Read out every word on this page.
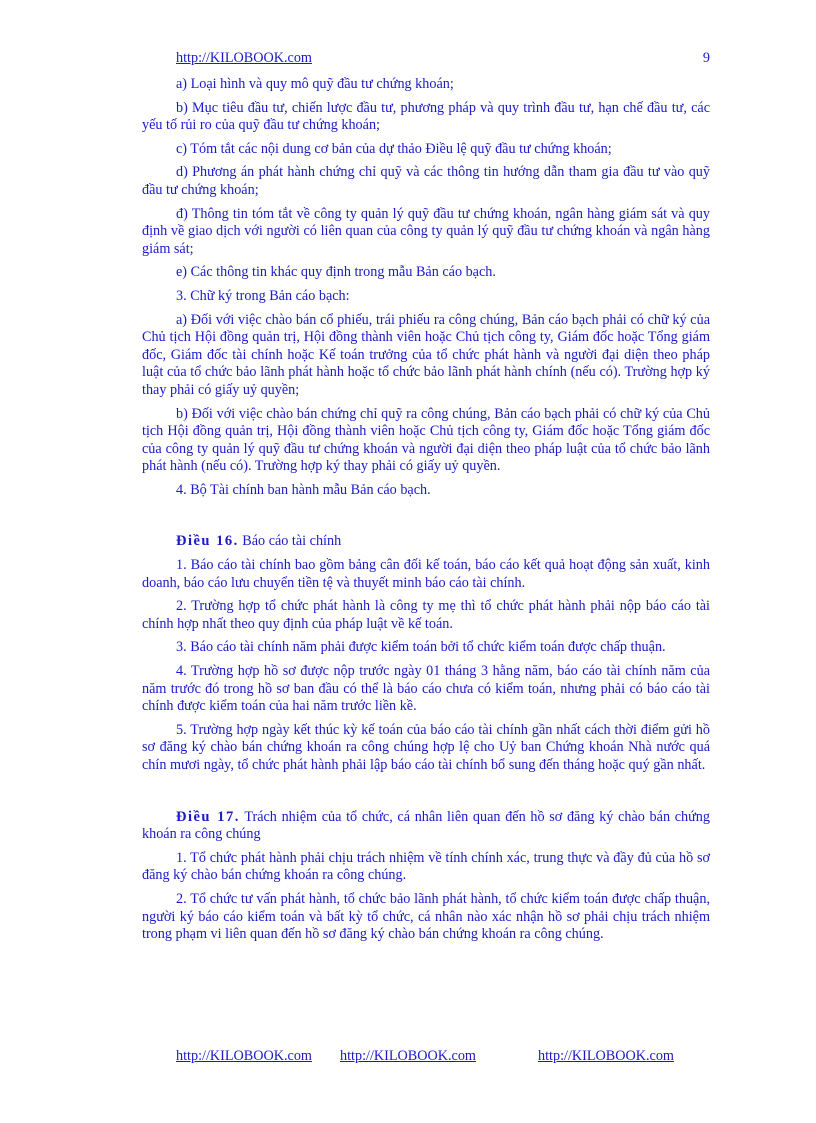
http://KILOBOOK.com	9

a) Loại hình và quy mô quỹ đầu tư chứng khoán;

b) Mục tiêu đầu tư, chiến lược đầu tư, phương pháp và quy trình đầu tư, hạn chế đầu tư, các yếu tố rủi ro của quỹ đầu tư chứng khoán;

c) Tóm tắt các nội dung cơ bản của dự thảo Điều lệ quỹ đầu tư chứng khoán;

d) Phương án phát hành chứng chỉ quỹ và các thông tin hướng dẫn tham gia đầu tư vào quỹ đầu tư chứng khoán;

đ) Thông tin tóm tắt về công ty quản lý quỹ đầu tư chứng khoán, ngân hàng giám sát và quy định về giao dịch với người có liên quan của công ty quản lý quỹ đầu tư chứng khoán và ngân hàng giám sát;

e) Các thông tin khác quy định trong mẫu Bản cáo bạch.

3. Chữ ký trong Bản cáo bạch:

a) Đối với việc chào bán cổ phiếu, trái phiếu ra công chúng, Bản cáo bạch phải có chữ ký của Chủ tịch Hội đồng quản trị, Hội đồng thành viên hoặc Chủ tịch công ty, Giám đốc hoặc Tổng giám đốc, Giám đốc tài chính hoặc Kế toán trưởng của tổ chức phát hành và người đại diện theo pháp luật của tổ chức bảo lãnh phát hành hoặc tổ chức bảo lãnh phát hành chính (nếu có). Trường hợp ký thay phải có giấy uỷ quyền;

b) Đối với việc chào bán chứng chỉ quỹ ra công chúng, Bản cáo bạch phải có chữ ký của Chủ tịch Hội đồng quản trị, Hội đồng thành viên hoặc Chủ tịch công ty, Giám đốc hoặc Tổng giám đốc của công ty quản lý quỹ đầu tư chứng khoán và người đại diện theo pháp luật của tổ chức bảo lãnh phát hành (nếu có). Trường hợp ký thay phải có giấy uỷ quyền.

4. Bộ Tài chính ban hành mẫu Bản cáo bạch.

Điều 16. Báo cáo tài chính

1. Báo cáo tài chính bao gồm bảng cân đối kế toán, báo cáo kết quả hoạt động sản xuất, kinh doanh, báo cáo lưu chuyển tiền tệ và thuyết minh báo cáo tài chính.

2. Trường hợp tổ chức phát hành là công ty mẹ thì tổ chức phát hành phải nộp báo cáo tài chính hợp nhất theo quy định của pháp luật về kế toán.

3. Báo cáo tài chính năm phải được kiểm toán bởi tổ chức kiểm toán được chấp thuận.

4. Trường hợp hồ sơ được nộp trước ngày 01 tháng 3 hằng năm, báo cáo tài chính năm của năm trước đó trong hồ sơ ban đầu có thể là báo cáo chưa có kiểm toán, nhưng phải có báo cáo tài chính được kiểm toán của hai năm trước liền kề.

5. Trường hợp ngày kết thúc kỳ kế toán của báo cáo tài chính gần nhất cách thời điểm gửi hồ sơ đăng ký chào bán chứng khoán ra công chúng hợp lệ cho Uỷ ban Chứng khoán Nhà nước quá chín mươi ngày, tổ chức phát hành phải lập báo cáo tài chính bổ sung đến tháng hoặc quý gần nhất.

Điều 17. Trách nhiệm của tổ chức, cá nhân liên quan đến hồ sơ đăng ký chào bán chứng khoán ra công chúng

1. Tổ chức phát hành phải chịu trách nhiệm về tính chính xác, trung thực và đầy đủ của hồ sơ đăng ký chào bán chứng khoán ra công chúng.

2. Tổ chức tư vấn phát hành, tổ chức bảo lãnh phát hành, tổ chức kiểm toán được chấp thuận, người ký báo cáo kiểm toán và bất kỳ tổ chức, cá nhân nào xác nhận hồ sơ phải chịu trách nhiệm trong phạm vi liên quan đến hồ sơ đăng ký chào bán chứng khoán ra công chúng.

http://KILOBOOK.com http://KILOBOOK.com	http://KILOBOOK.com
